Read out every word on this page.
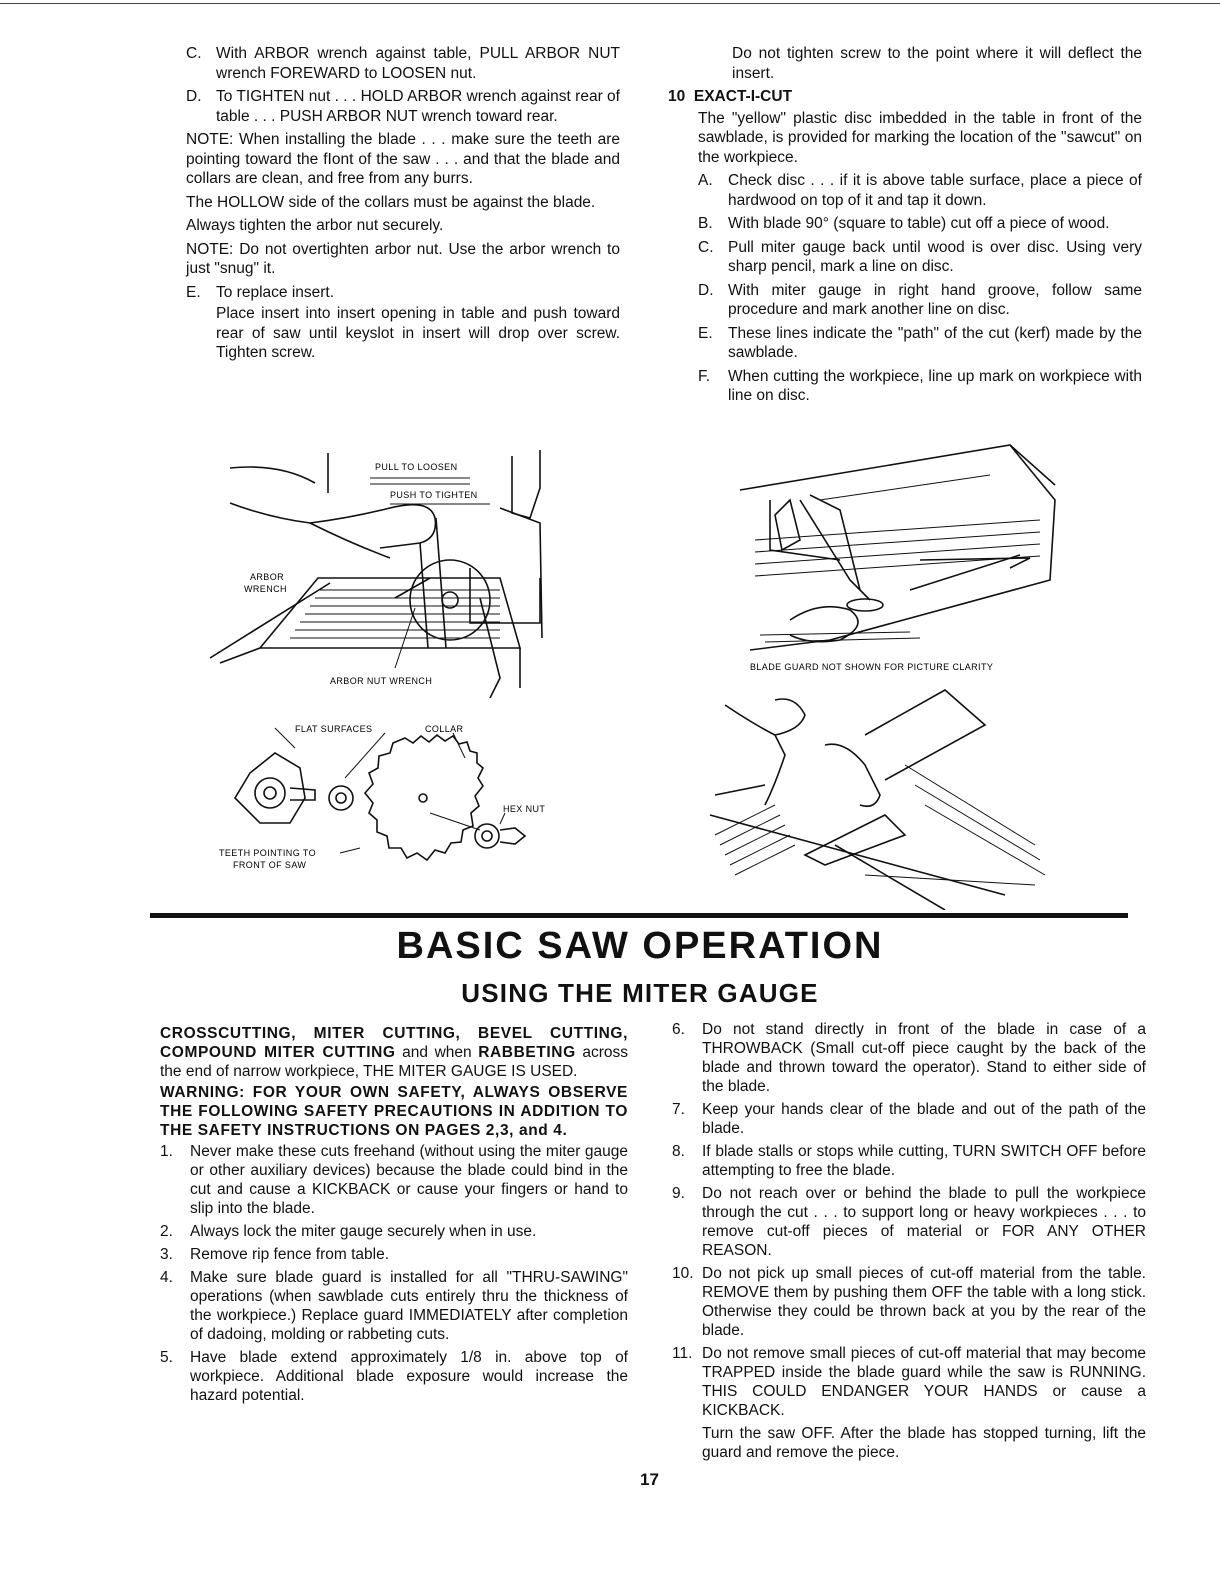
C. With ARBOR wrench against table, PULL ARBOR NUT wrench FOREWARD to LOOSEN nut.
D. To TIGHTEN nut . . . HOLD ARBOR wrench against rear of table . . . PUSH ARBOR NUT wrench toward rear.

NOTE: When installing the blade . . . make sure the teeth are pointing toward the fIont of the saw . . . and that the blade and collars are clean, and free from any burrs.

The HOLLOW side of the collars must be against the blade.

Always tighten the arbor nut securely.

NOTE: Do not overtighten arbor nut. Use the arbor wrench to just "snug" it.

E. To replace insert.
Place insert into insert opening in table and push toward rear of saw until keyslot in insert will drop over screw. Tighten screw.
Do not tighten screw to the point where it will deflect the insert.
10 EXACT-I-CUT
The "yellow" plastic disc imbedded in the table in front of the sawblade, is provided for marking the location of the "sawcut" on the workpiece.
A. Check disc . . . if it is above table surface, place a piece of hardwood on top of it and tap it down.
B. With blade 90° (square to table) cut off a piece of wood.
C. Pull miter gauge back until wood is over disc. Using very sharp pencil, mark a line on disc.
D. With miter gauge in right hand groove, follow same procedure and mark another line on disc.
E. These lines indicate the "path" of the cut (kerf) made by the sawblade.
F. When cutting the workpiece, line up mark on workpiece with line on disc.
PULL TO LOOSEN
PUSH TO TIGHTEN
ARBOR
WRENCH
ARBOR NUT WRENCH
FLAT SURFACES	COLLAR
HEX NUT
TEETH POINTING TO
FRONT OF SAW
BLADE GUARD NOT SHOWN FOR PICTURE CLARITY
BASIC SAW OPERATION
USING THE MITER GAUGE

CROSSCUTTING, MITER CUTTING, BEVEL CUTTING, COMPOUND MITER CUTTING and when RABBETING across the end of narrow workpiece, THE MITER GAUGE IS USED.

WARNING: FOR YOUR OWN SAFETY, ALWAYS OBSERVE THE FOLLOWING SAFETY PRECAUTIONS IN ADDITION TO THE SAFETY INSTRUCTIONS ON PAGES 2,3, and 4.

1. Never make these cuts freehand (without using the miter gauge or other auxiliary devices) because the blade could bind in the cut and cause a KICKBACK or cause your fingers or hand to slip into the blade.
2. Always lock the miter gauge securely when in use.
3. Remove rip fence from table.
4. Make sure blade guard is installed for all "THRU-SAWING" operations (when sawblade cuts entirely thru the thickness of the workpiece.) Replace guard IMMEDIATELY after completion of dadoing, molding or rabbeting cuts.
5. Have blade extend approximately 1/8 in. above top of workpiece. Additional blade exposure would increase the hazard potential.
6. Do not stand directly in front of the blade in case of a THROWBACK (Small cut-off piece caught by the back of the blade and thrown toward the operator). Stand to either side of the blade.
7. Keep your hands clear of the blade and out of the path of the blade.
8. If blade stalls or stops while cutting, TURN SWITCH OFF before attempting to free the blade.
9. Do not reach over or behind the blade to pull the workpiece through the cut . . . to support long or heavy workpieces . . . to remove cut-off pieces of material or FOR ANY OTHER REASON.
10. Do not pick up small pieces of cut-off material from the table. REMOVE them by pushing them OFF the table with a long stick. Otherwise they could be thrown back at you by the rear of the blade.
11. Do not remove small pieces of cut-off material that may become TRAPPED inside the blade guard while the saw is RUNNING. THIS COULD ENDANGER YOUR HANDS or cause a KICKBACK.
Turn the saw OFF. After the blade has stopped turning, lift the guard and remove the piece.
17
